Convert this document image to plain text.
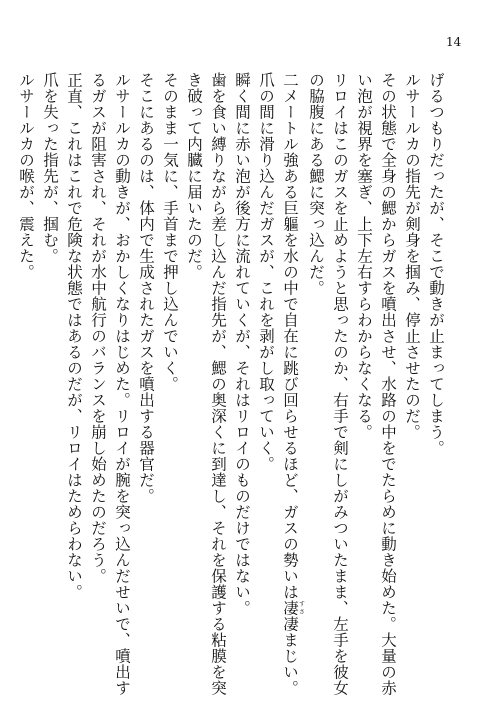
14
げるつもりだったが、そこで動きが止まってしまう。
ルサールカの指先が剣身を掴み、停止させたのだ。
その状態で全身の鰓からガスを噴出させ、水路の中をでたらめに動き始めた。大量の赤
い泡が視界を塞ぎ、上下左右すらわからなくなる。
リロイはこのガスを止めようと思ったのか、右手で剣にしがみついたまま、左手を彼女
の脇腹にある鰓に突っ込んだ。
二メートル強ある巨軀を水の中で自在に跳び回らせるほど、ガスの勢いは凄すさ凄まじい。
爪の間に滑り込んだガスが、これを剥がし取っていく。
瞬く間に赤い泡が後方に流れていくが、それはリロイのものだけではない。
歯を食い縛りながら差し込んだ指先が、鰓の奥深くに到達し、それを保護する粘膜を突
き破って内臓に届いたのだ。
そのまま一気に、手首まで押し込んでいく。
そこにあるのは、体内で生成されたガスを噴出する器官だ。
ルサールカの動きが、おかしくなりはじめた。リロイが腕を突っ込んだせいで、噴出す
るガスが阻害され、それが水中航行のバランスを崩し始めたのだろう。
正直、これはこれで危険な状態ではあるのだが、リロイはためらわない。
爪を失った指先が、掴む。
ルサールカの喉が、震えた。
